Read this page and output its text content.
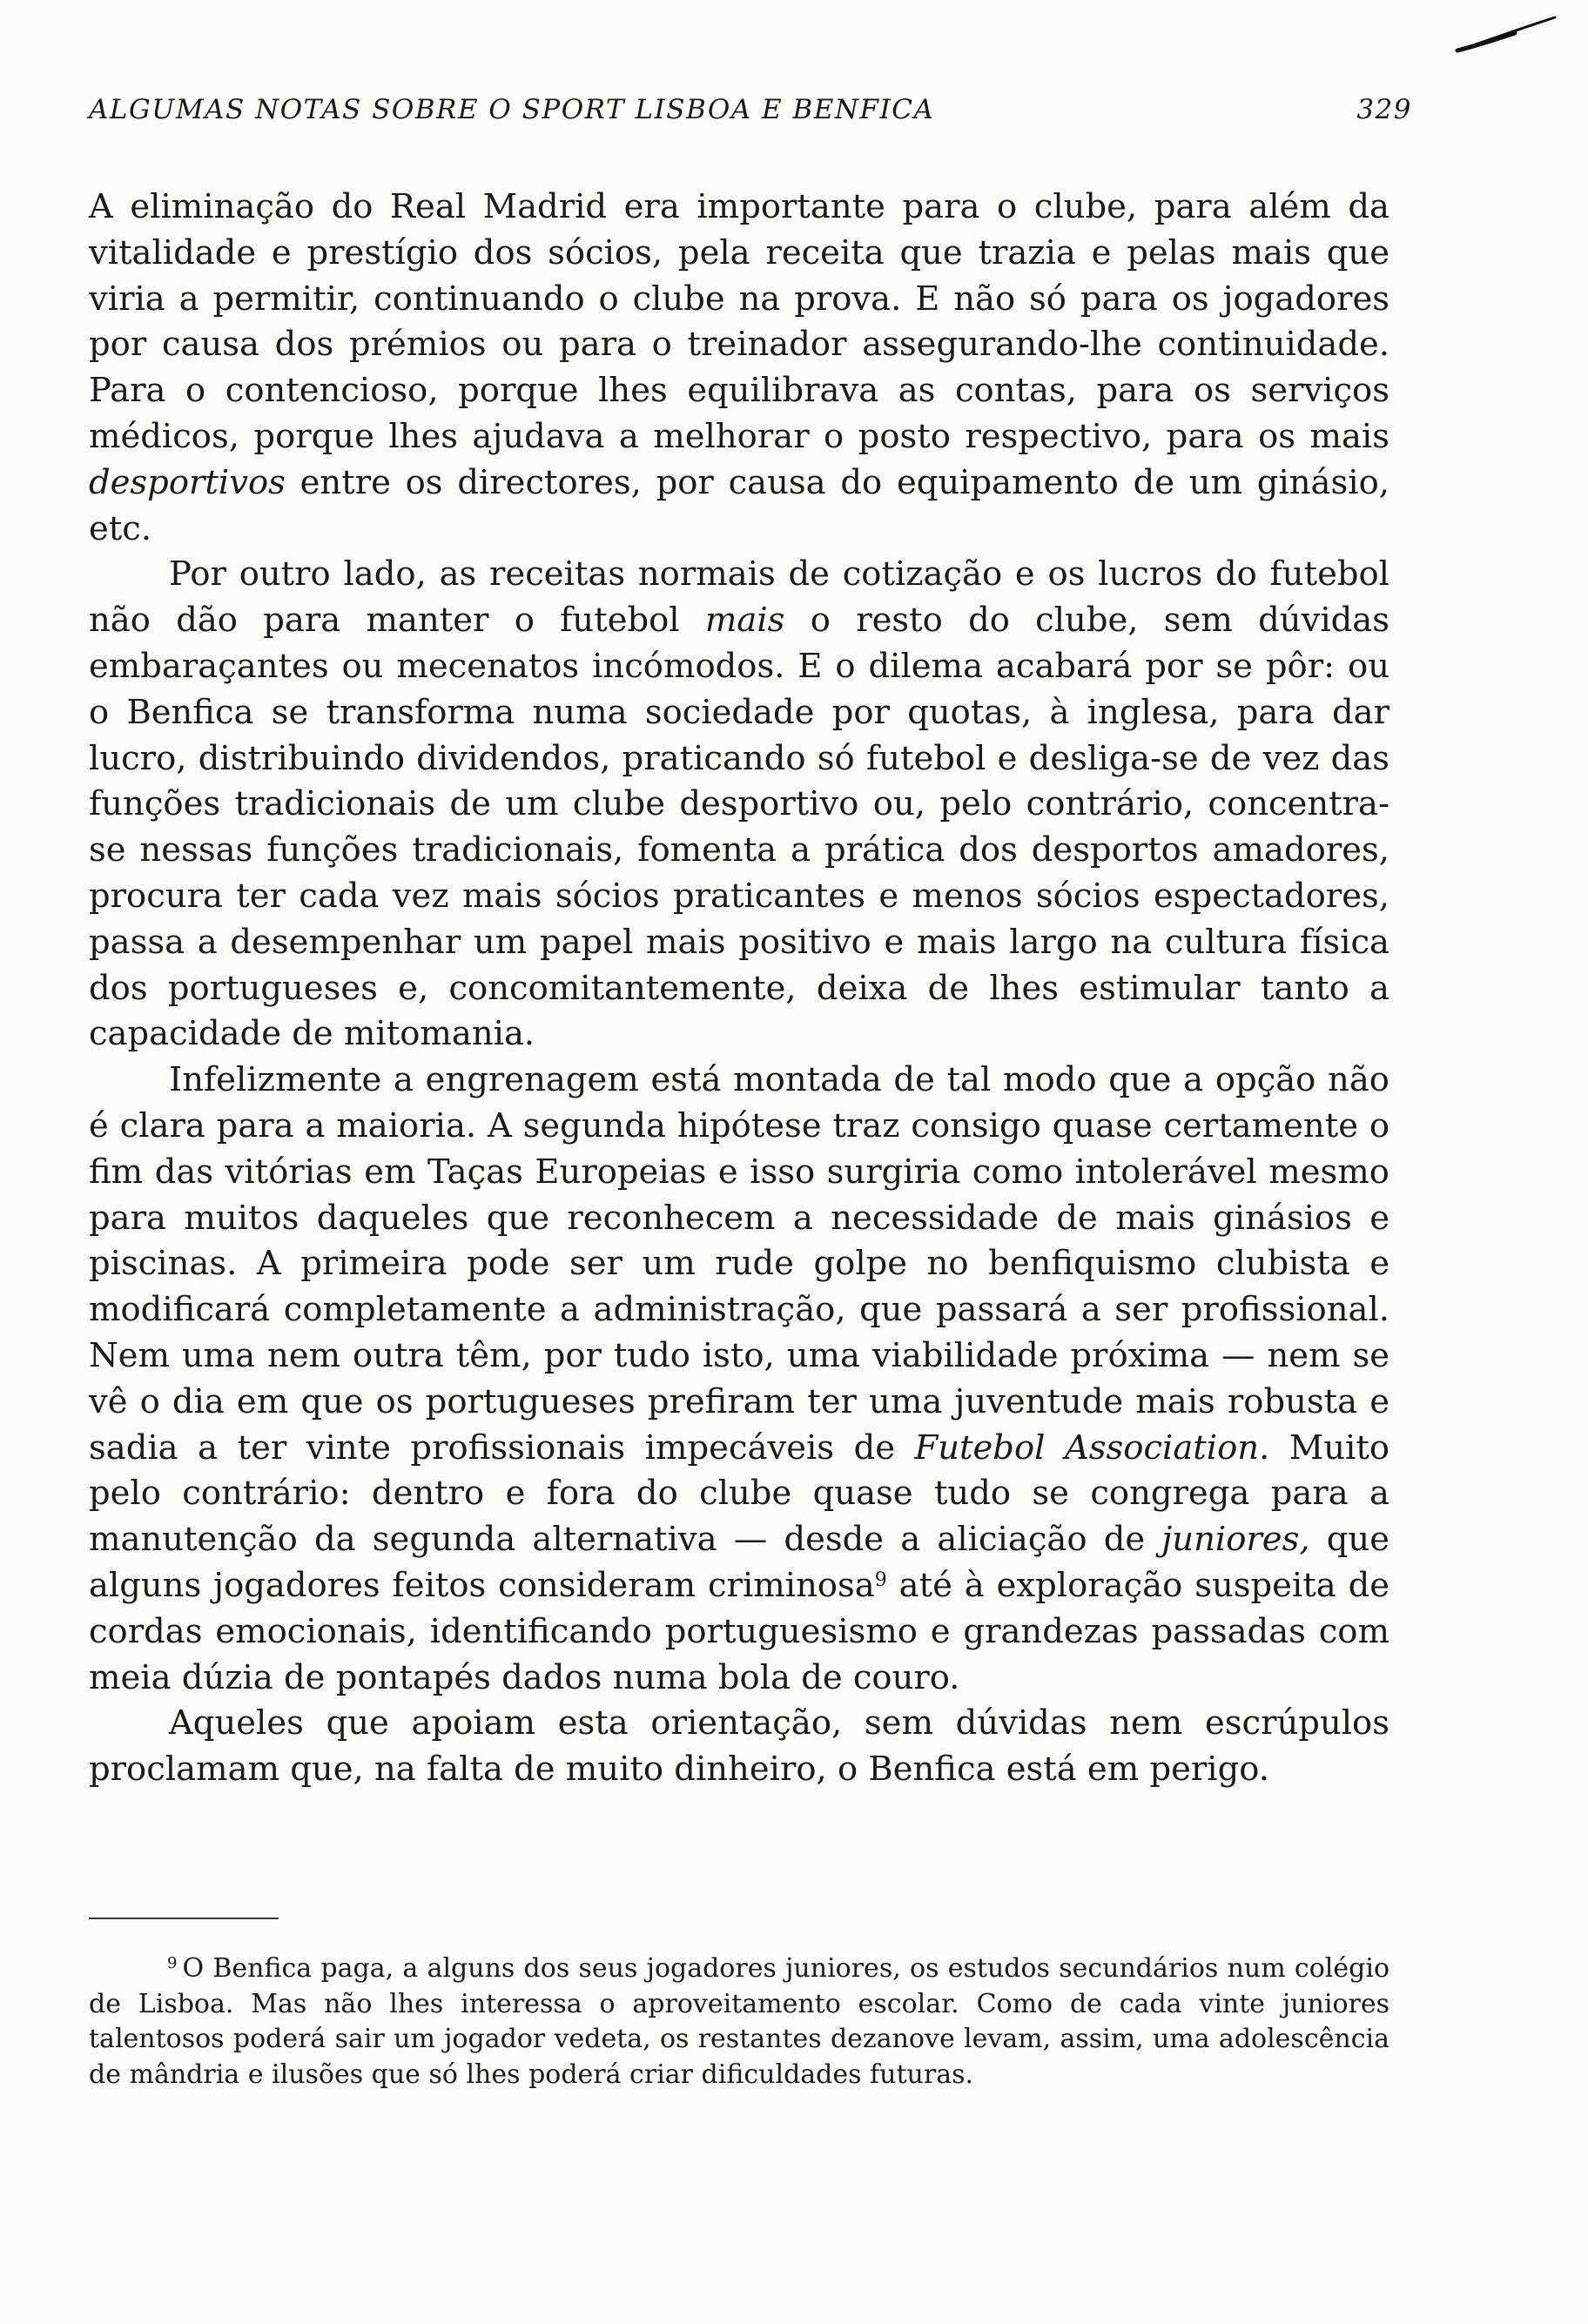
ALGUMAS NOTAS SOBRE O SPORT LISBOA E BENFICA	329

A eliminação do Real Madrid era importante para o clube, para além da vitalidade e prestígio dos sócios, pela receita que trazia e pelas mais que viria a permitir, continuando o clube na prova. E não só para os jogadores por causa dos prémios ou para o treinador assegurando-lhe continuidade. Para o contencioso, porque lhes equilibrava as contas, para os serviços médicos, porque lhes ajudava a melhorar o posto respectivo, para os mais desportivos entre os directores, por causa do equipamento de um ginásio, etc.

Por outro lado, as receitas normais de cotização e os lucros do futebol não dão para manter o futebol mais o resto do clube, sem dúvidas embaraçantes ou mecenatos incómodos. E o dilema acabará por se pôr: ou o Benfica se transforma numa sociedade por quotas, à inglesa, para dar lucro, distribuindo dividendos, praticando só futebol e desliga-se de vez das funções tradicionais de um clube desportivo ou, pelo contrário, concentra-se nessas funções tradicionais, fomenta a prática dos desportos amadores, procura ter cada vez mais sócios praticantes e menos sócios espectadores, passa a desempenhar um papel mais positivo e mais largo na cultura física dos portugueses e, concomitantemente, deixa de lhes estimular tanto a capacidade de mitomania.

Infelizmente a engrenagem está montada de tal modo que a opção não é clara para a maioria. A segunda hipótese traz consigo quase certamente o fim das vitórias em Taças Europeias e isso surgiria como intolerável mesmo para muitos daqueles que reconhecem a necessidade de mais ginásios e piscinas. A primeira pode ser um rude golpe no benfiquismo clubista e modificará completamente a administração, que passará a ser profissional. Nem uma nem outra têm, por tudo isto, uma viabilidade próxima — nem se vê o dia em que os portugueses prefiram ter uma juventude mais robusta e sadia a ter vinte profissionais impecáveis de Futebol Association. Muito pelo contrário: dentro e fora do clube quase tudo se congrega para a manutenção da segunda alternativa — desde a aliciação de juniores, que alguns jogadores feitos consideram criminosa$^9$ até à exploração suspeita de cordas emocionais, identificando portuguesismo e grandezas passadas com meia dúzia de pontapés dados numa bola de couro.

Aqueles que apoiam esta orientação, sem dúvidas nem escrúpulos proclamam que, na falta de muito dinheiro, o Benfica está em perigo.

$^9$ O Benfica paga, a alguns dos seus jogadores juniores, os estudos secundários num colégio de Lisboa. Mas não lhes interessa o aproveitamento escolar. Como de cada vinte juniores talentosos poderá sair um jogador vedeta, os restantes dezanove levam, assim, uma adolescência de mândria e ilusões que só lhes poderá criar dificuldades futuras.
